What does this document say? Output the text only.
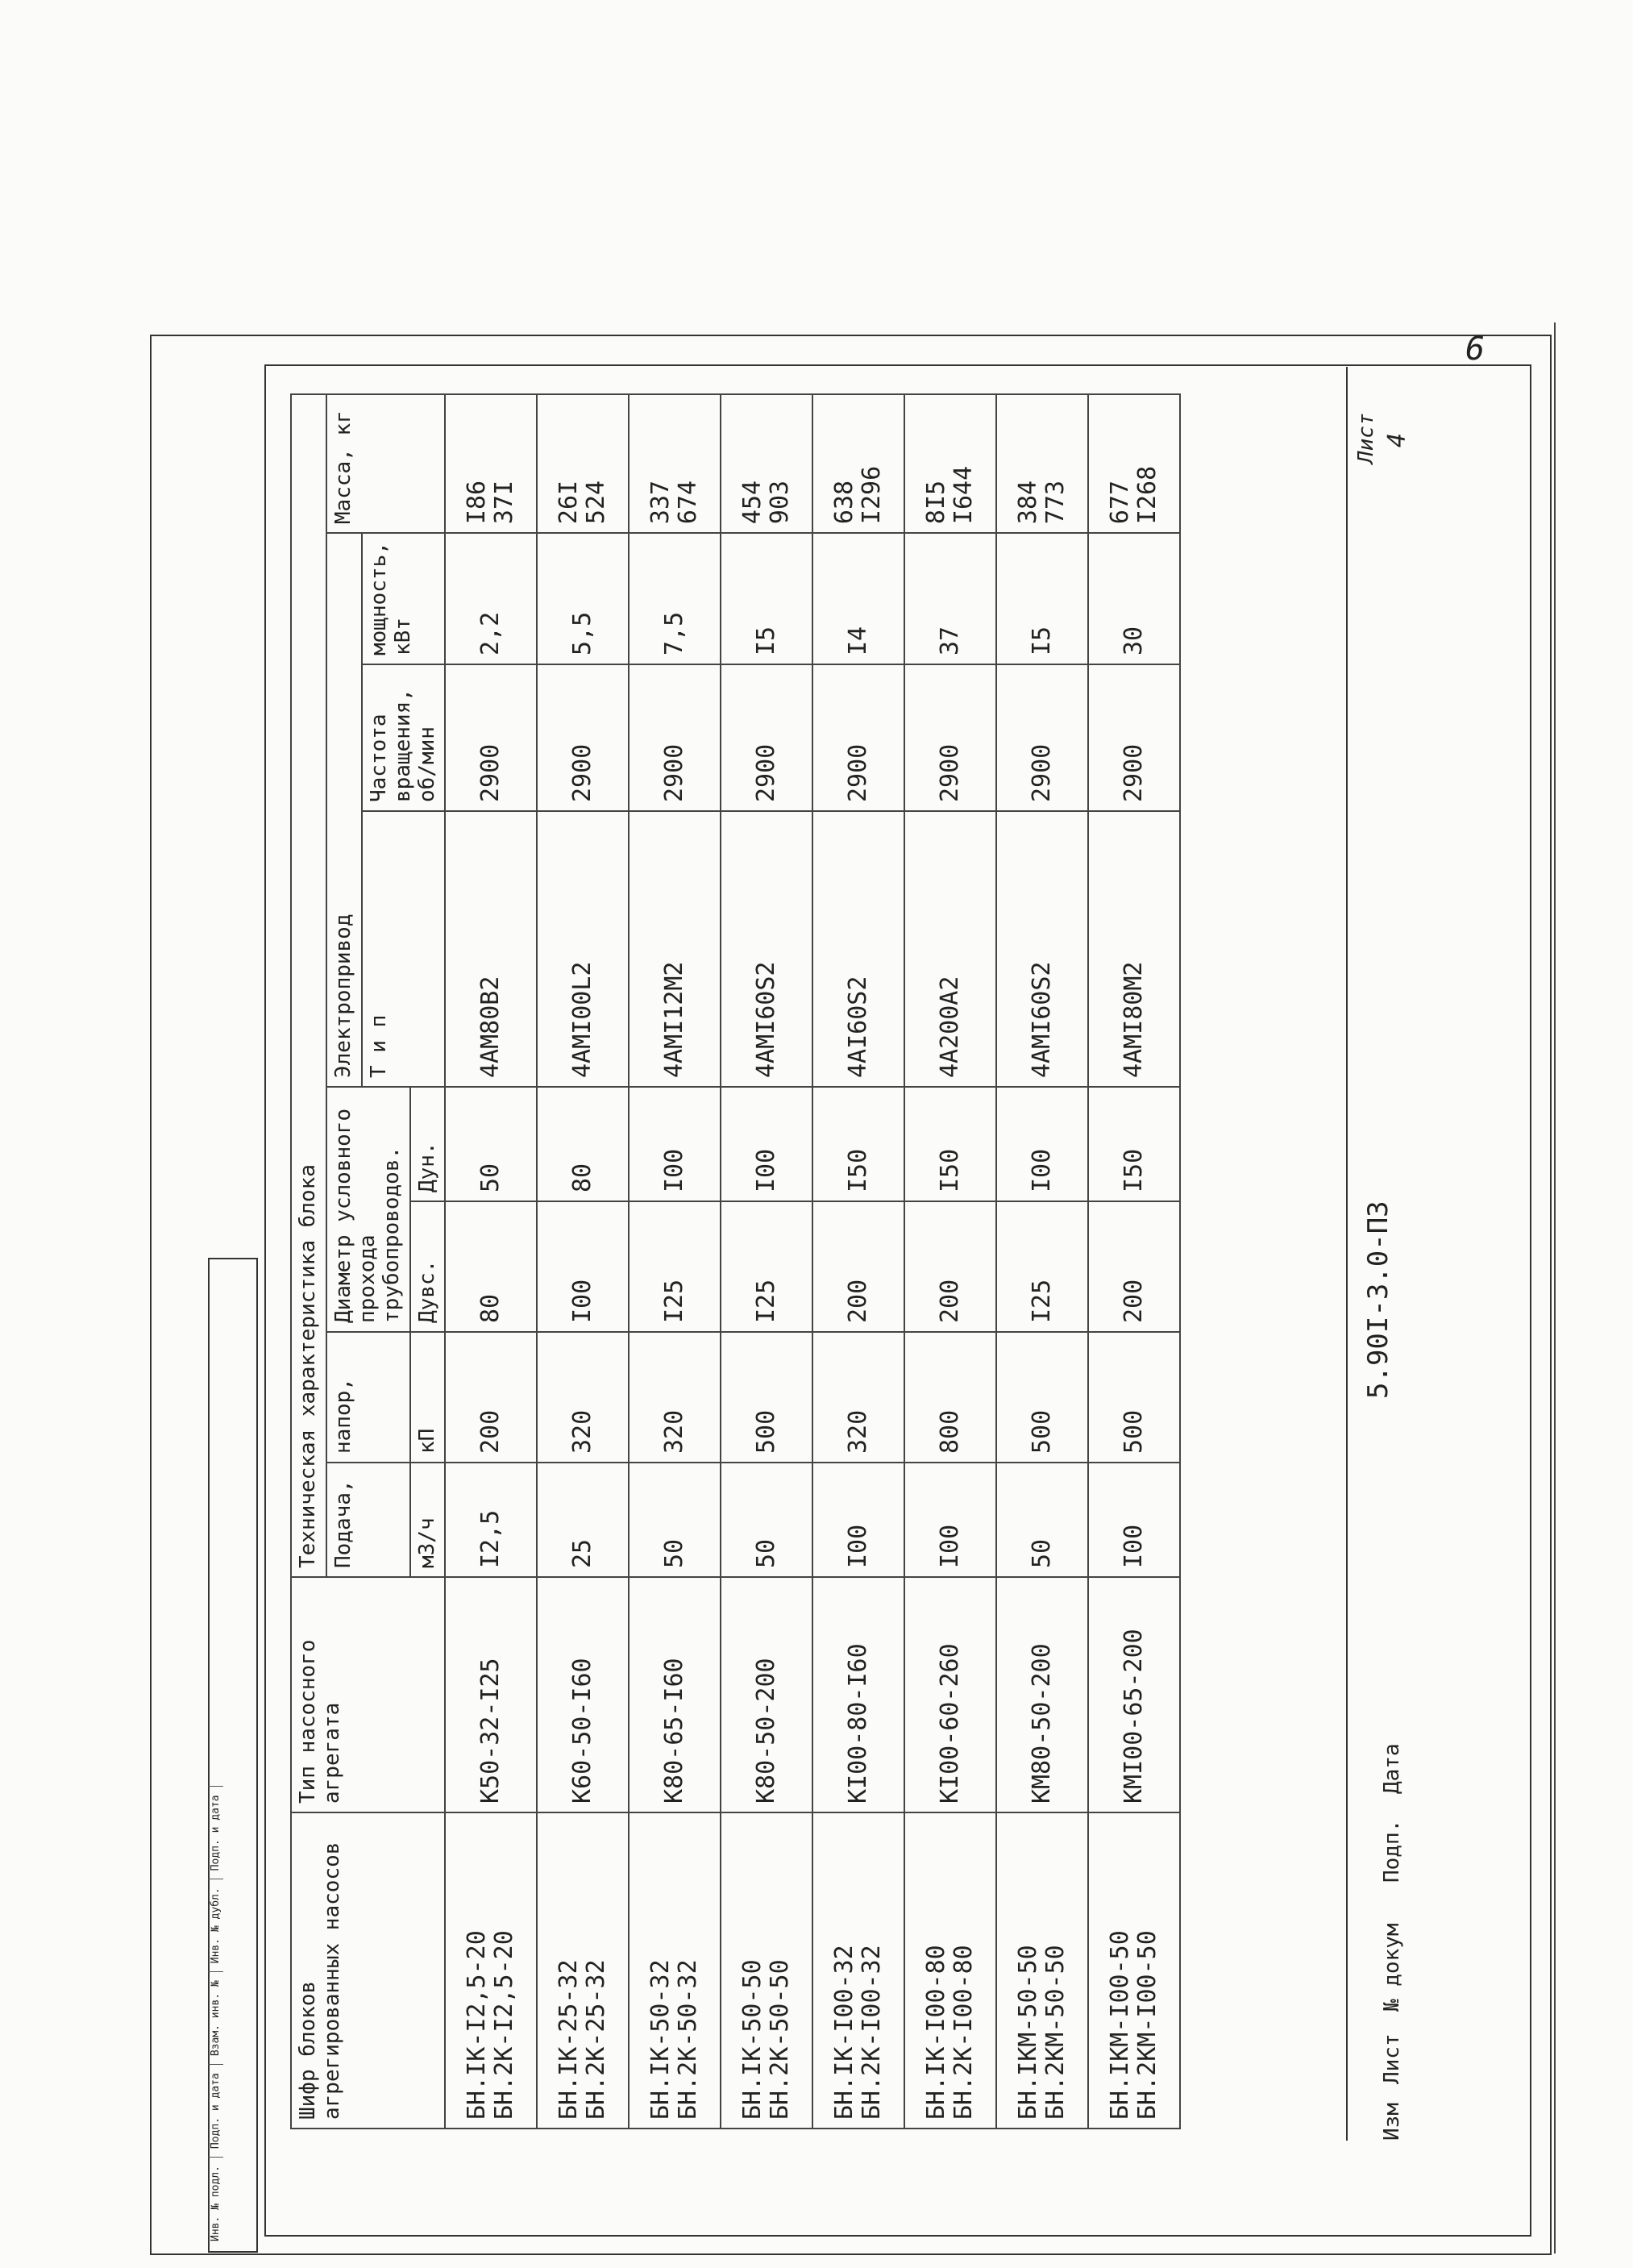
6
Инв. № подл.Подп. и датаВзам. инв. №Инв. № дубл.Подп. и дата
Шифр блоков агрегированных насосов	Тип насосного агрегата	Техническая характеристика блока							
		Подача,	напор,	Диаметр условного прохода трубопроводов.		Электропривод			Масса, кг
						Т и п	Частота вращения, об/мин	мощность, кВт	
		м3/ч	кП	Дувс.	Дун.				

БН.IК-I2,5-20 БН.2К-I2,5-20	К50-32-I25	I2,5	200	80	50	4АМ80В2	2900	2,2	I86 37I

БН.IК-25-32 БН.2К-25-32	К60-50-I60	25	320	I00	80	4АМI00L2	2900	5,5	26I 524

БН.IК-50-32 БН.2К-50-32	К80-65-I60	50	320	I25	I00	4АМI12М2	2900	7,5	337 674

БН.IК-50-50 БН.2К-50-50	К80-50-200	50	500	I25	I00	4АМI60S2	2900	I5	454 903

БН.IК-I00-32 БН.2К-I00-32	КI00-80-I60	I00	320	200	I50	4АI60S2	2900	I4	638 I296

БН.IК-I00-80 БН.2К-I00-80	КI00-60-260	I00	800	200	I50	4А200А2	2900	37	8I5 I644

БН.IКМ-50-50 БН.2КМ-50-50	КМ80-50-200	50	500	I25	I00	4АМI60S2	2900	I5	384 773

БН.IКМ-I00-50 БН.2КМ-I00-50	КМI00-65-200	I00	500	200	I50	4АМI80М2	2900	30	677 I268
Изм
Лист
№ докум
Подп.
Дата
5.90I-3.0-ПЗ
Лист 4
